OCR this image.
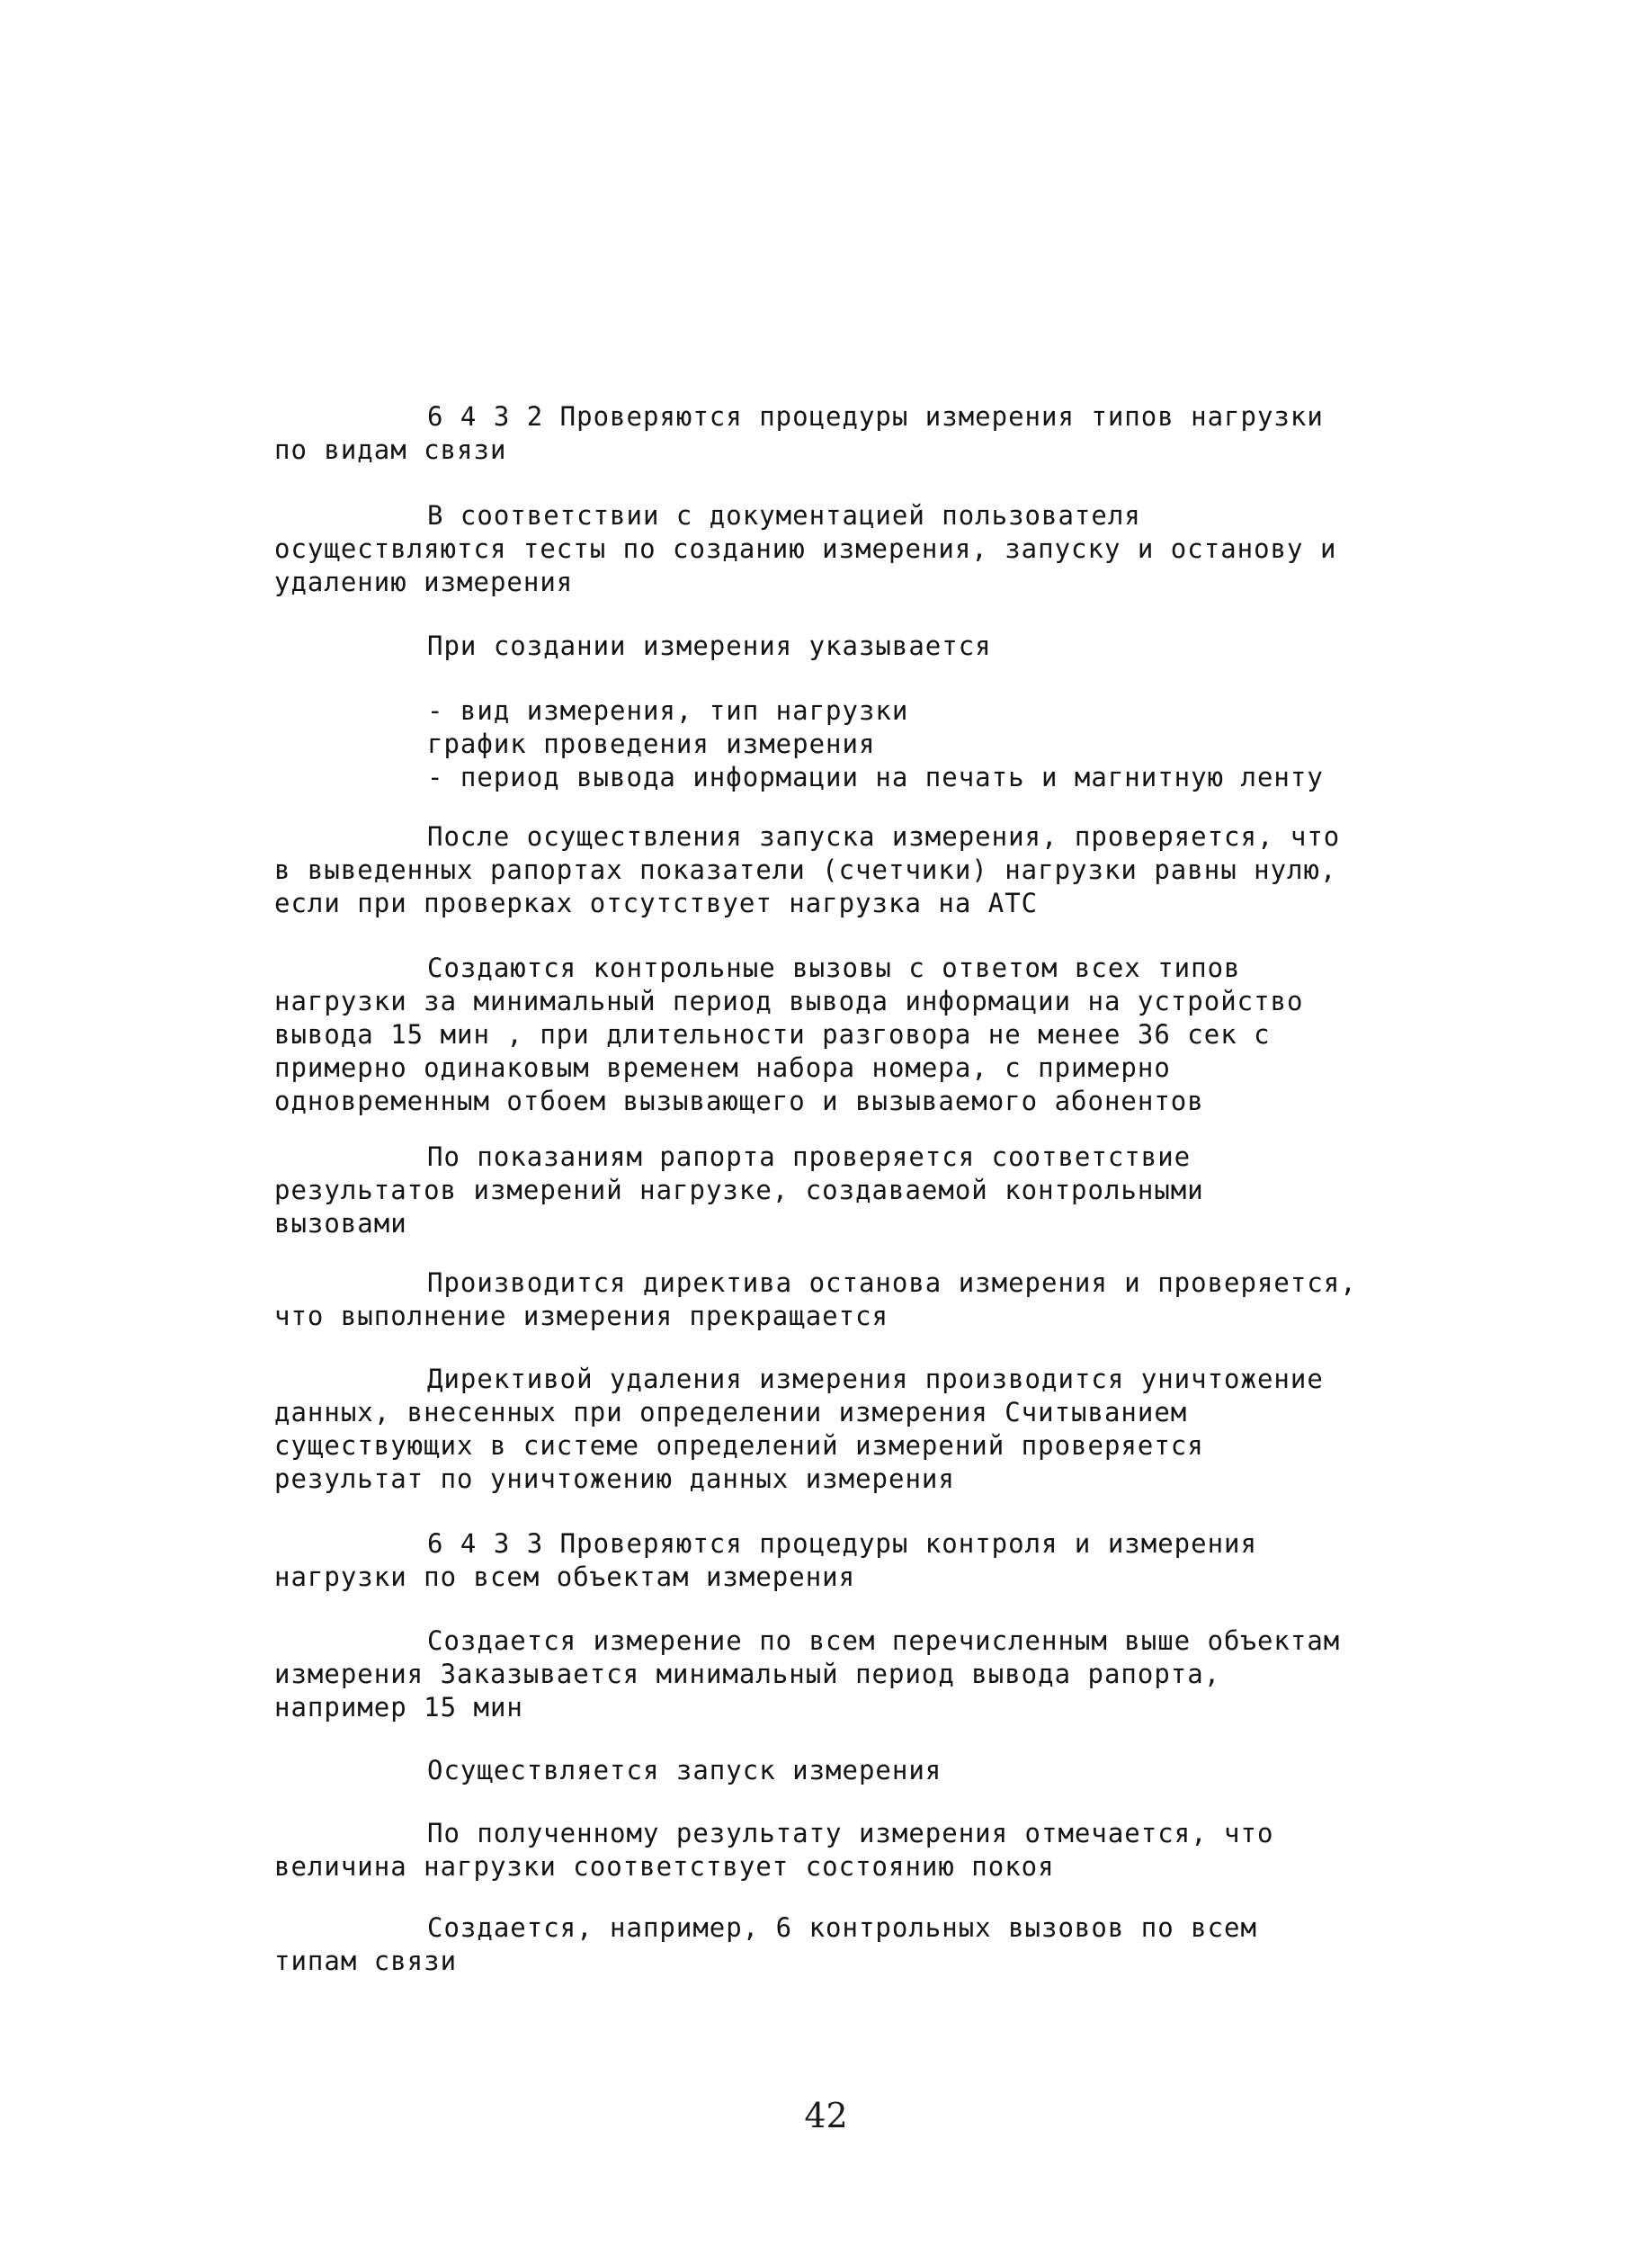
6 4 3 2 Проверяются процедуры измерения типов нагрузки
по видам связи
В соответствии с документацией пользователя
осуществляются тесты по созданию измерения, запуску и останову и
удалению измерения
При создании измерения указывается
- вид измерения, тип нагрузки
график проведения измерения
- период вывода информации на печать и магнитную ленту
После осуществления запуска измерения, проверяется, что
в выведенных рапортах показатели (счетчики) нагрузки равны нулю,
если при проверках отсутствует нагрузка на АТС
Создаются контрольные вызовы с ответом всех типов
нагрузки за минимальный период вывода информации на устройство
вывода 15 мин , при длительности разговора не менее 36 сек с
примерно одинаковым временем набора номера, с примерно
одновременным отбоем вызывающего и вызываемого абонентов
По показаниям рапорта проверяется соответствие
результатов измерений нагрузке, создаваемой контрольными
вызовами
Производится директива останова измерения и проверяется,
что выполнение измерения прекращается
Директивой удаления измерения производится уничтожение
данных, внесенных при определении измерения Считыванием
существующих в системе определений измерений проверяется
результат по уничтожению данных измерения
6 4 3 3 Проверяются процедуры контроля и измерения
нагрузки по всем объектам измерения
Создается измерение по всем перечисленным выше объектам
измерения Заказывается минимальный период вывода рапорта,
например 15 мин
Осуществляется запуск измерения
По полученному результату измерения отмечается, что
величина нагрузки соответствует состоянию покоя
Создается, например, 6 контрольных вызовов по всем
типам связи
42
